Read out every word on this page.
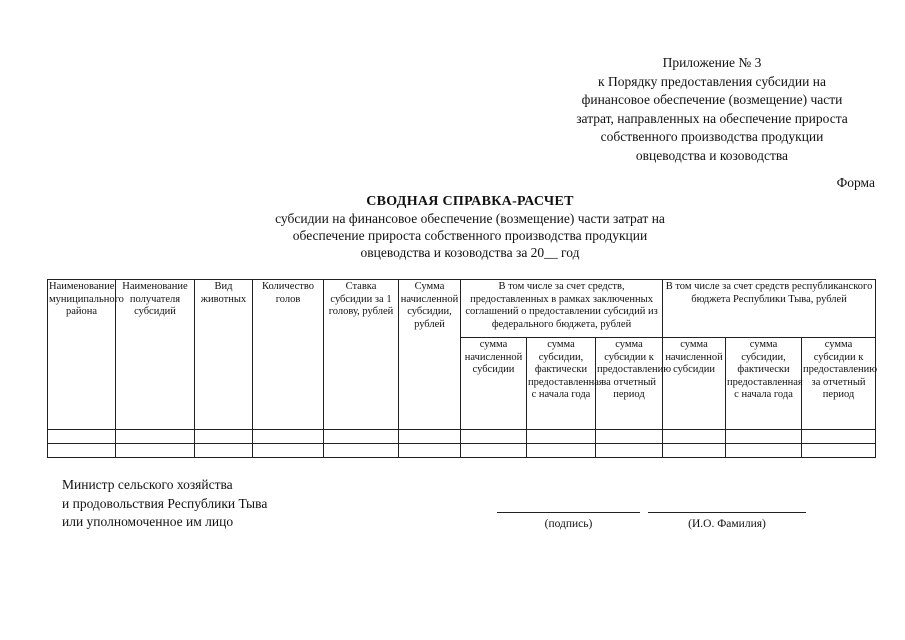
Приложение № 3
к Порядку предоставления субсидии на
финансовое обеспечение (возмещение) части
затрат, направленных на обеспечение прироста
собственного производства продукции
овцеводства и козоводства
Форма
СВОДНАЯ СПРАВКА-РАСЧЕТ
субсидии на финансовое обеспечение (возмещение) части затрат на
обеспечение прироста собственного производства продукции
овцеводства и козоводства за 20__ год
Наименование муниципального района	Наименование получателя субсидий	Вид животных	Количество голов	Ставка субсидии за 1 голову, рублей	Сумма начисленной субсидии, рублей	В том числе за счет средств, предоставленных в рамках заключенных соглашений о предоставлении субсидий из федерального бюджета, рублей			В том числе за счет средств республиканского бюджета Республики Тыва, рублей		
						сумма начисленной субсидии	сумма субсидии, фактически предоставленная с начала года	сумма субсидии к предоставлению за отчетный период	сумма начисленной субсидии	сумма субсидии, фактически предоставленная с начала года	сумма субсидии к предоставлению за отчетный период

Министр сельского хозяйства
и продовольствия Республики Тыва
или уполномоченное им лицо	(подпись)	(И.О. Фамилия)
